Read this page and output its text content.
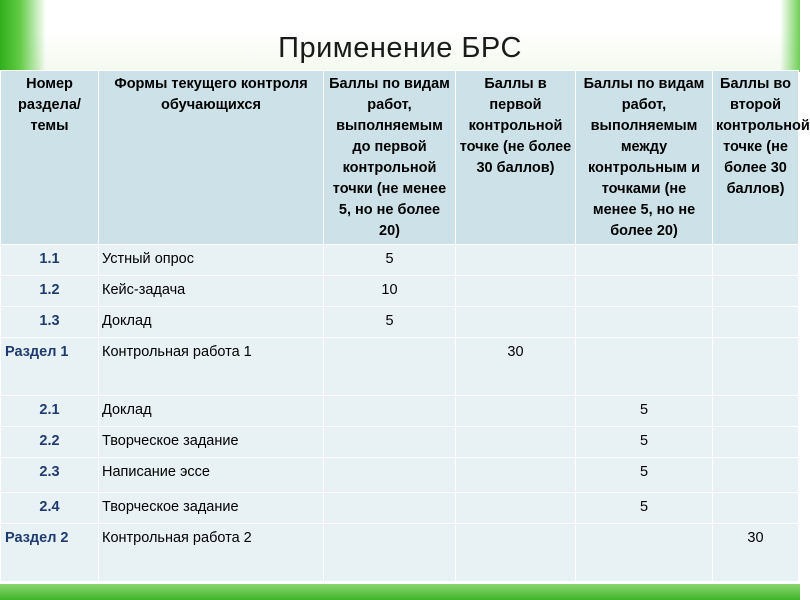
Применение БРС
Номер раздела/ темы	Формы текущего контроля обучающихся	Баллы по видам работ, выполняемым до первой контрольной точки (не менее 5, но не более 20)	Баллы в первой контрольной точке (не более 30 баллов)	Баллы по видам работ, выполняемым между контрольным и точками (не менее 5, но не более 20)	Баллы во второй контрольной точке (не более 30 баллов)
1.1	Устный опрос	5			
1.2	Кейс-задача	10			
1.3	Доклад	5			
Раздел 1	Контрольная работа 1		30		
2.1	Доклад			5	
2.2	Творческое задание			5	
2.3	Написание эссе			5	
2.4	Творческое задание			5	
Раздел 2	Контрольная работа 2				30
